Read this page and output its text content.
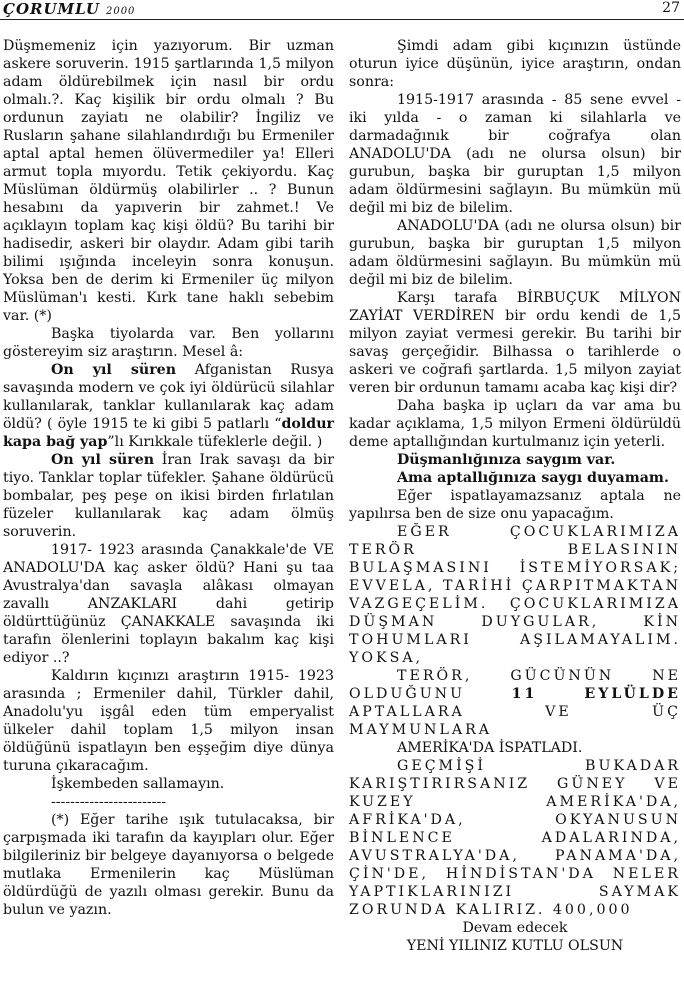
ÇORUMLU 2000	27

Düşmemeniz için yazıyorum. Bir uzman askere soruverin. 1915 şartlarında 1,5 milyon adam öldürebilmek için nasıl bir ordu olmalı.?. Kaç kişilik bir ordu olmalı ? Bu ordunun zayiatı ne olabilir? İngiliz ve Rusların şahane silahlandırdığı bu Ermeniler aptal aptal hemen ölüvermediler ya! Elleri armut topla mıyordu. Tetik çekiyordu. Kaç Müslüman öldürmüş olabilirler .. ? Bunun hesabını da yapıverin bir zahmet.! Ve açıklayın toplam kaç kişi öldü? Bu tarihi bir hadisedir, askeri bir olaydır. Adam gibi tarih bilimi ışığında inceleyin sonra konuşun. Yoksa ben de derim ki Ermeniler üç milyon Müslüman'ı kesti. Kırk tane haklı sebebim var. (*)

Başka tiyolarda var. Ben yollarını göstereyim siz araştırın. Mesel â:

On yıl süren Afganistan Rusya savaşında modern ve çok iyi öldürücü silahlar kullanılarak, tanklar kullanılarak kaç adam öldü? ( öyle 1915 te ki gibi 5 patlarlı “doldur kapa bağ yap”lı Kırıkkale tüfeklerle değil. )

On yıl süren İran Irak savaşı da bir tiyo. Tanklar toplar tüfekler. Şahane öldürücü bombalar, peş peşe on ikisi birden fırlatılan füzeler kullanılarak kaç adam ölmüş soruverin.

1917- 1923 arasında Çanakkale'de VE ANADOLU'DA kaç asker öldü? Hani şu taa Avustralya'dan savaşla alâkası olmayan zavallı ANZAKLARI dahi getirip öldürttüğünüz ÇANAKKALE savaşında iki tarafın ölenlerini toplayın bakalım kaç kişi ediyor ..?

Kaldırın kıçınızı araştırın 1915- 1923 arasında ; Ermeniler dahil, Türkler dahil, Anadolu'yu işgâl eden tüm emperyalist ülkeler dahil toplam 1,5 milyon insan öldüğünü ispatlayın ben eşşeğim diye dünya turuna çıkaracağım.

İşkembeden sallamayın.

------------------------

(*) Eğer tarihe ışık tutulacaksa, bir çarpışmada iki tarafın da kayıpları olur. Eğer bilgileriniz bir belgeye dayanıyorsa o belgede mutlaka Ermenilerin kaç Müslüman öldürdüğü de yazılı olması gerekir. Bunu da bulun ve yazın.

Şimdi adam gibi kıçınızın üstünde oturun iyice düşünün, iyice araştırın, ondan sonra:

1915-1917 arasında - 85 sene evvel - iki yılda - o zaman ki silahlarla ve darmadağınık bir coğrafya olan ANADOLU'DA (adı ne olursa olsun) bir gurubun, başka bir guruptan 1,5 milyon adam öldürmesini sağlayın. Bu mümkün mü değil mi biz de bilelim.

ANADOLU'DA (adı ne olursa olsun) bir gurubun, başka bir guruptan 1,5 milyon adam öldürmesini sağlayın. Bu mümkün mü değil mi biz de bilelim.

Karşı tarafa BİRBUÇUK MİLYON ZAYİAT VERDİREN bir ordu kendi de 1,5 milyon zayiat vermesi gerekir. Bu tarihi bir savaş gerçeğidir. Bilhassa o tarihlerde o askeri ve coğrafi şartlarda. 1,5 milyon zayiat veren bir ordunun tamamı acaba kaç kişi dir?

Daha başka ip uçları da var ama bu kadar açıklama, 1,5 milyon Ermeni öldürüldü deme aptallığından kurtulmanız için yeterli.

Düşmanlığınıza saygım var.

Ama aptallığınıza saygı duyamam.

Eğer ispatlayamazsanız aptala ne yapılırsa ben de size onu yapacağım.

EĞER ÇOCUKLARIMIZA TERÖR BELASININ BULAŞMASINI İSTEMİYORSAK; EVVELA, TARİHİ ÇARPITMAKTAN VAZGEÇELİM. ÇOCUKLARIMIZA DÜŞMAN DUYGULAR, KİN TOHUMLARI AŞILAMAYALIM. YOKSA,

TERÖR, GÜCÜNÜN NE OLDUĞUNU 11 EYLÜLDE APTALLARA VE ÜÇ MAYMUNLARA

AMERİKA'DA İSPATLADI.

GEÇMİŞİ BUKADAR KARIŞTIRIRSANIZ GÜNEY VE KUZEY AMERİKA'DA, AFRİKA'DA, OKYANUSUN BİNLENCE ADALARINDA, AVUSTRALYA'DA, PANAMA'DA, ÇİN'DE, HİNDİSTAN'DA NELER YAPTIKLARINIZI SAYMAK ZORUNDA KALIRIZ. 400,000

Devam edecek

YENİ YILINIZ KUTLU OLSUN
